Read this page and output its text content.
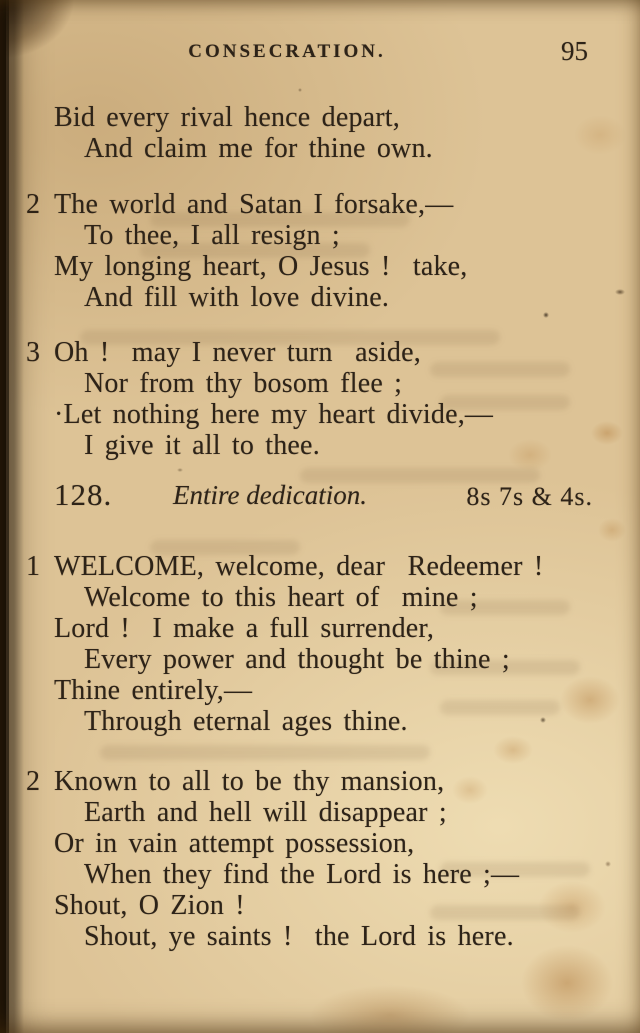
CONSECRATION.	95
Bid every rival hence depart,
And claim me for thine own.
2 The world and Satan I forsake,—
To thee, I all resign ;
My longing heart, O Jesus !  take,
And fill with love divine.
3 Oh !  may I never turn  aside,
Nor from thy bosom flee ;
·Let nothing here my heart divide,—
I give it all to thee.
128. Entire dedication.	8s 7s & 4s.
1 WELCOME, welcome, dear  Redeemer !
Welcome to this heart of  mine ;
Lord !  I make a full surrender,
Every power and thought be thine ;
Thine entirely,—
Through eternal ages thine.
2 Known to all to be thy mansion,
Earth and hell will disappear ;
Or in vain attempt possession,
When they find the Lord is here ;—
Shout, O Zion !
Shout, ye saints !  the Lord is here.
